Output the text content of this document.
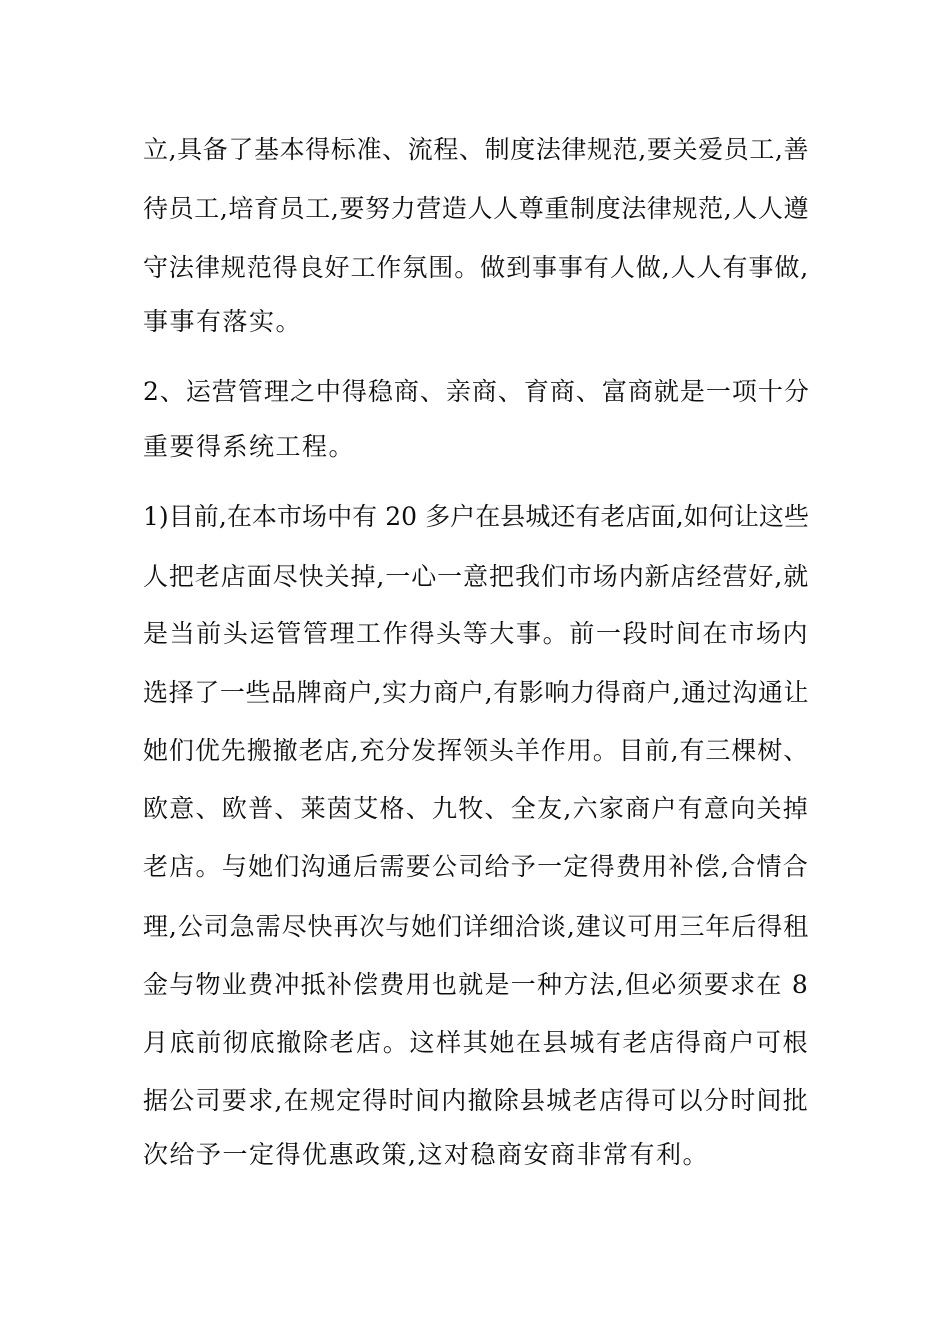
立,具备了基本得标准、流程、制度法律规范,要关爱员工,善
待员工,培育员工,要努力营造人人尊重制度法律规范,人人遵
守法律规范得良好工作氛围。做到事事有人做,人人有事做,
事事有落实。
2、运营管理之中得稳商、亲商、育商、富商就是一项十分
重要得系统工程。
1)目前,在本市场中有 20 多户在县城还有老店面,如何让这些
人把老店面尽快关掉,一心一意把我们市场内新店经营好,就
是当前头运管管理工作得头等大事。前一段时间在市场内
选择了一些品牌商户,实力商户,有影响力得商户,通过沟通让
她们优先搬撤老店,充分发挥领头羊作用。目前,有三棵树、
欧意、欧普、莱茵艾格、九牧、全友,六家商户有意向关掉
老店。与她们沟通后需要公司给予一定得费用补偿,合情合
理,公司急需尽快再次与她们详细洽谈,建议可用三年后得租
金与物业费冲抵补偿费用也就是一种方法,但必须要求在 8
月底前彻底撤除老店。这样其她在县城有老店得商户可根
据公司要求,在规定得时间内撤除县城老店得可以分时间批
次给予一定得优惠政策,这对稳商安商非常有利。
